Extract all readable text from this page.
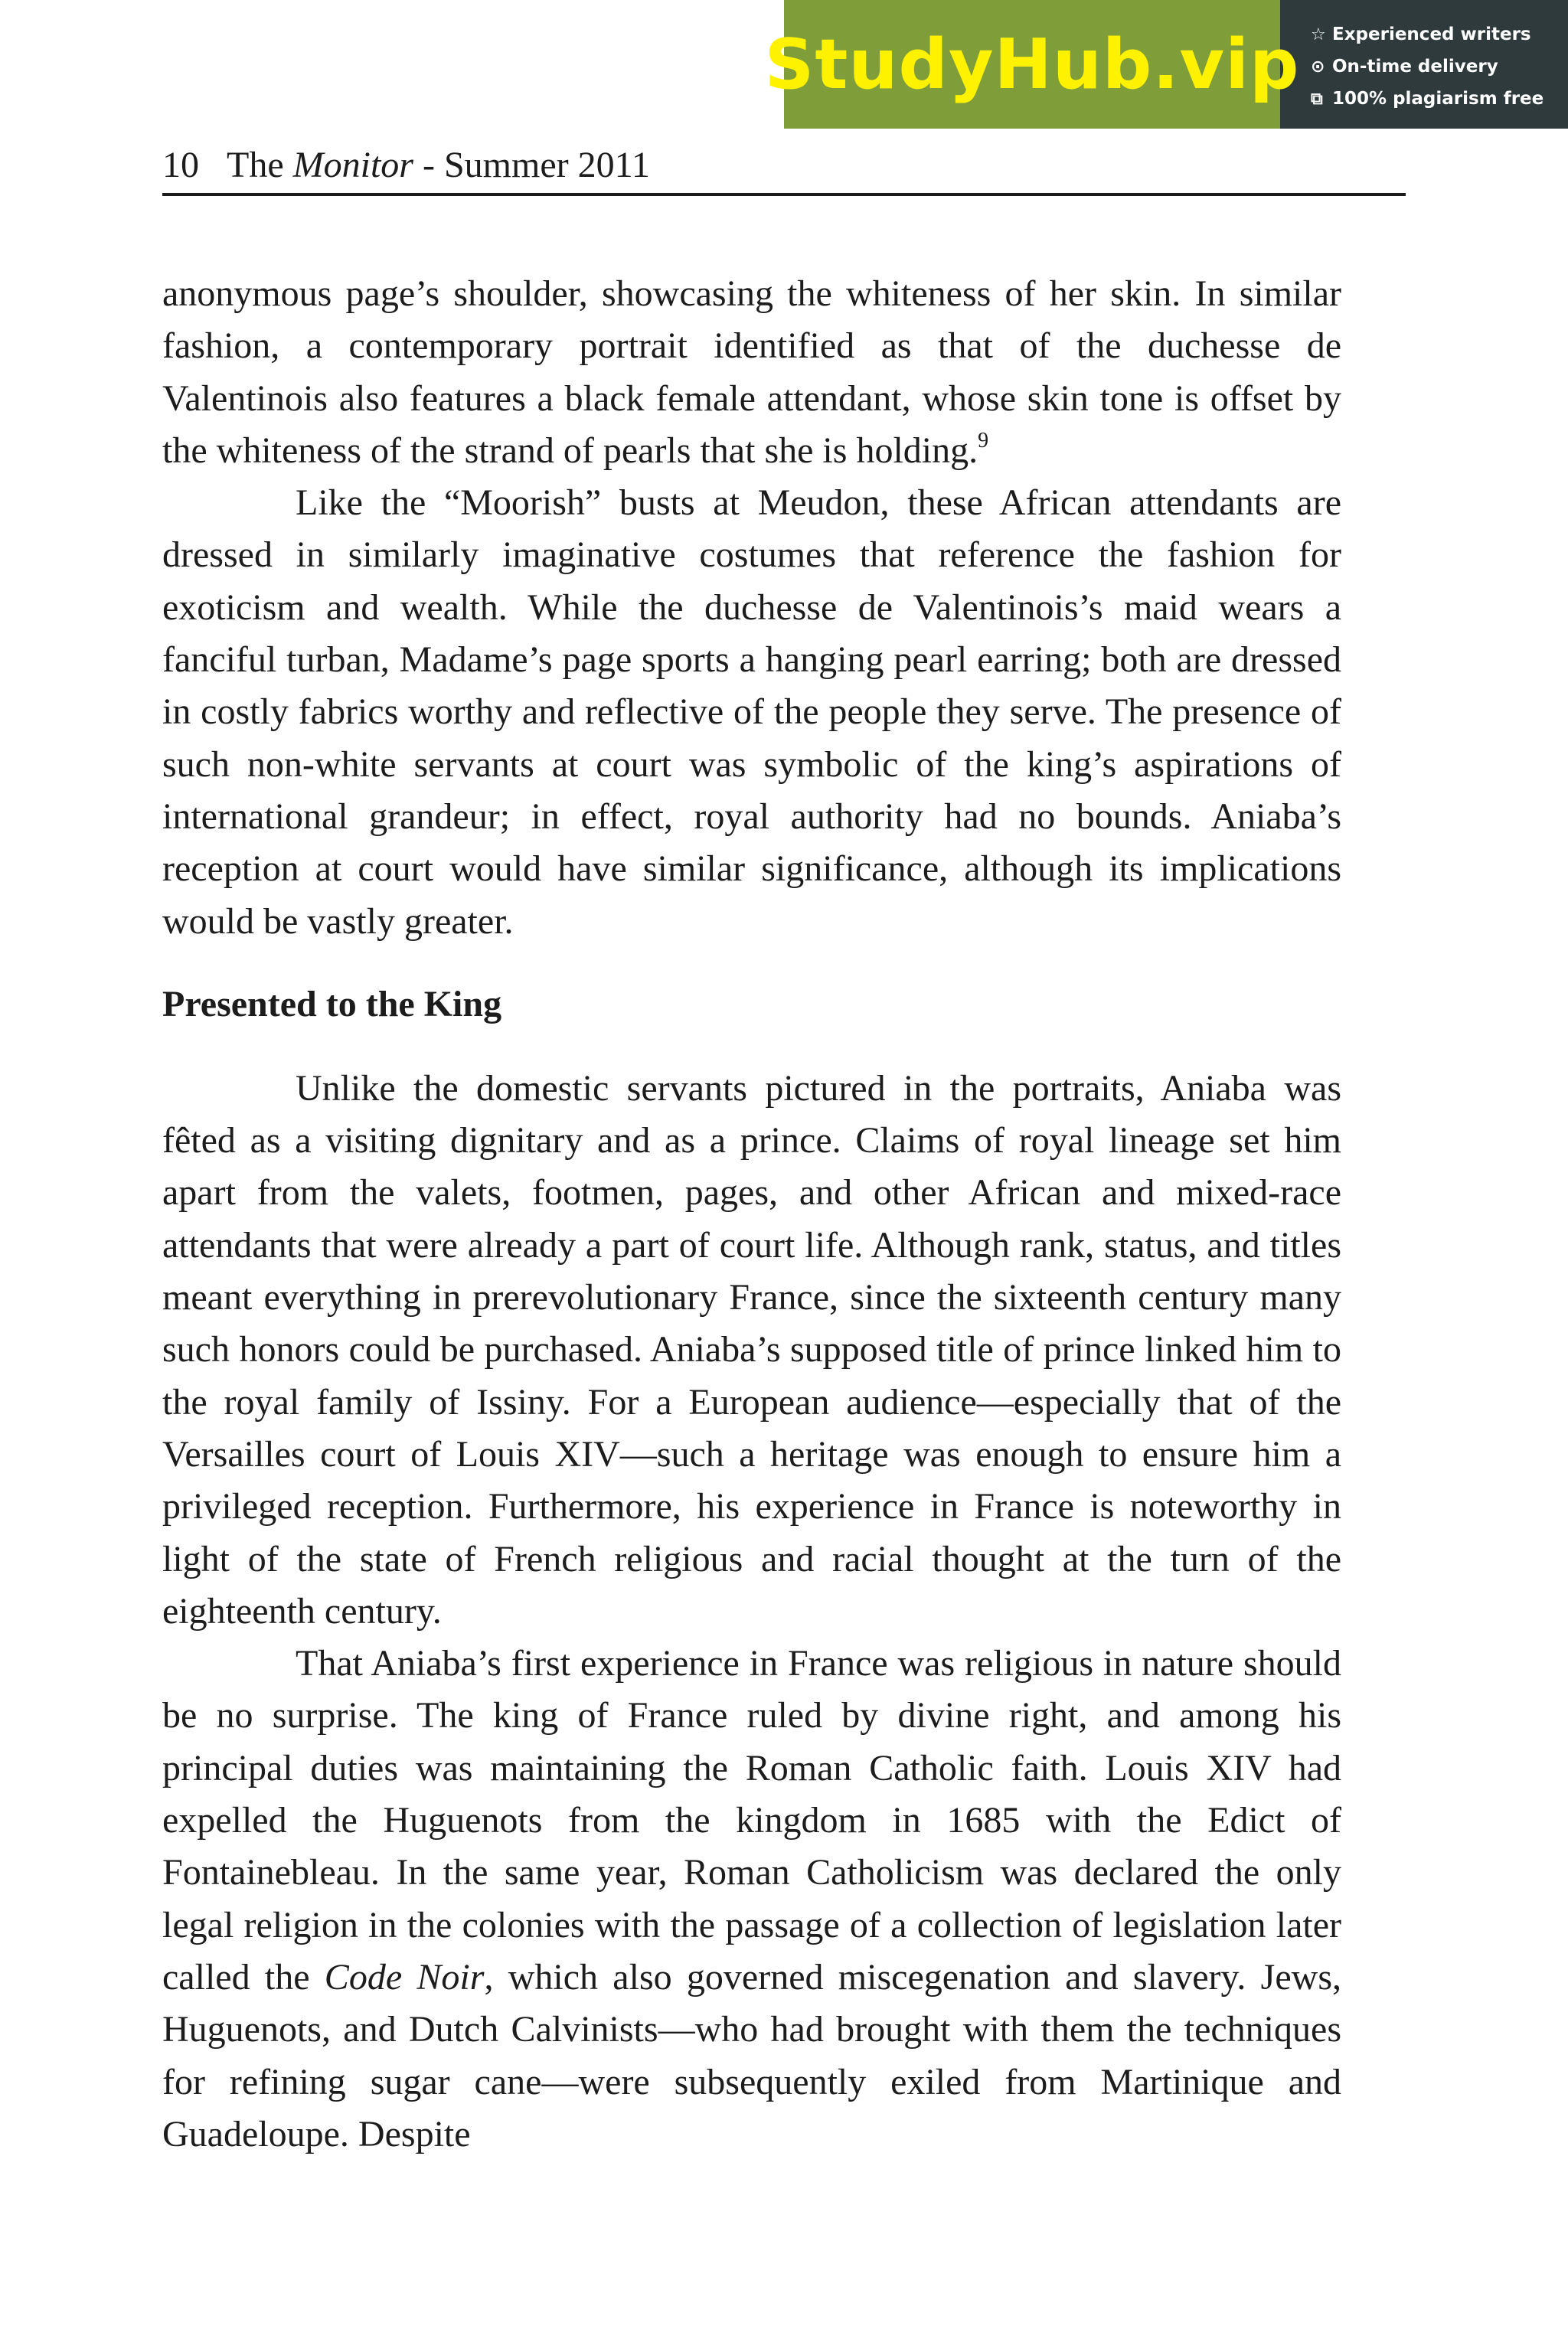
StudyHub.vip ☆ Experienced writers
⊙ On-time delivery
⧉ 100% plagiarism free
10 The Monitor - Summer 2011

anonymous page’s shoulder, showcasing the whiteness of her skin. In similar fashion, a contemporary portrait identified as that of the duchesse de Valentinois also features a black female attendant, whose skin tone is offset by the whiteness of the strand of pearls that she is holding.$^9$

Like the “Moorish” busts at Meudon, these African attendants are dressed in similarly imaginative costumes that reference the fashion for exoticism and wealth. While the duchesse de Valentinois’s maid wears a fanciful turban, Madame’s page sports a hanging pearl earring; both are dressed in costly fabrics worthy and reflective of the people they serve. The presence of such non-white servants at court was symbolic of the king’s aspirations of international grandeur; in effect, royal authority had no bounds. Aniaba’s reception at court would have similar significance, although its implications would be vastly greater.

Presented to the King

Unlike the domestic servants pictured in the portraits, Aniaba was fêted as a visiting dignitary and as a prince. Claims of royal lineage set him apart from the valets, footmen, pages, and other African and mixed-race attendants that were already a part of court life. Although rank, status, and titles meant everything in prerevolutionary France, since the sixteenth century many such honors could be purchased. Aniaba’s supposed title of prince linked him to the royal family of Issiny. For a European audience—especially that of the Versailles court of Louis XIV—such a heritage was enough to ensure him a privileged reception. Furthermore, his experience in France is noteworthy in light of the state of French religious and racial thought at the turn of the eighteenth century.

That Aniaba’s first experience in France was religious in nature should be no surprise. The king of France ruled by divine right, and among his principal duties was maintaining the Roman Catholic faith. Louis XIV had expelled the Huguenots from the kingdom in 1685 with the Edict of Fontainebleau. In the same year, Roman Catholicism was declared the only legal religion in the colonies with the passage of a collection of legislation later called the Code Noir, which also governed miscegenation and slavery. Jews, Huguenots, and Dutch Calvinists—who had brought with them the techniques for refining sugar cane—were subsequently exiled from Martinique and Guadeloupe. Despite
